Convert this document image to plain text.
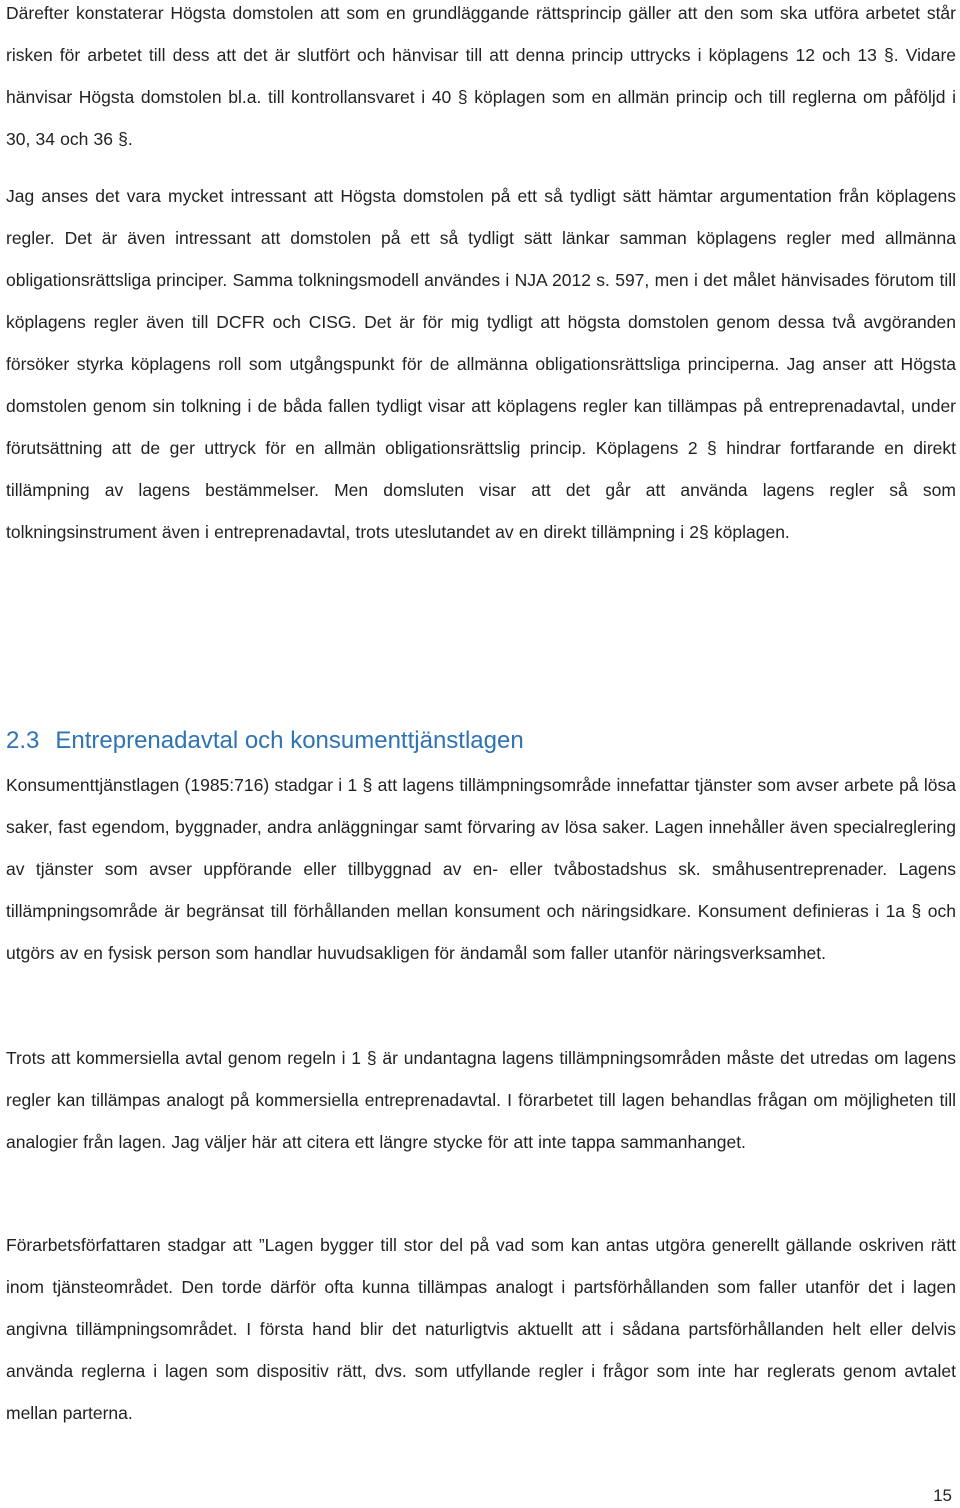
Därefter konstaterar Högsta domstolen att som en grundläggande rättsprincip gäller att den som ska utföra arbetet står risken för arbetet till dess att det är slutfört och hänvisar till att denna princip uttrycks i köplagens 12 och 13 §. Vidare hänvisar Högsta domstolen bl.a. till kontrollansvaret i 40 § köplagen som en allmän princip och till reglerna om påföljd i 30, 34 och 36 §.

Jag anses det vara mycket intressant att Högsta domstolen på ett så tydligt sätt hämtar argumentation från köplagens regler. Det är även intressant att domstolen på ett så tydligt sätt länkar samman köplagens regler med allmänna obligationsrättsliga principer. Samma tolkningsmodell användes i NJA 2012 s. 597, men i det målet hänvisades förutom till köplagens regler även till DCFR och CISG. Det är för mig tydligt att högsta domstolen genom dessa två avgöranden försöker styrka köplagens roll som utgångspunkt för de allmänna obligationsrättsliga principerna. Jag anser att Högsta domstolen genom sin tolkning i de båda fallen tydligt visar att köplagens regler kan tillämpas på entreprenadavtal, under förutsättning att de ger uttryck för en allmän obligationsrättslig princip. Köplagens 2 § hindrar fortfarande en direkt tillämpning av lagens bestämmelser. Men domsluten visar att det går att använda lagens regler så som tolkningsinstrument även i entreprenadavtal, trots uteslutandet av en direkt tillämpning i 2§ köplagen.

2.3 Entreprenadavtal och konsumenttjänstlagen

Konsumenttjänstlagen (1985:716) stadgar i 1 § att lagens tillämpningsområde innefattar tjänster som avser arbete på lösa saker, fast egendom, byggnader, andra anläggningar samt förvaring av lösa saker. Lagen innehåller även specialreglering av tjänster som avser uppförande eller tillbyggnad av en- eller tvåbostadshus sk. småhusentreprenader. Lagens tillämpningsområde är begränsat till förhållanden mellan konsument och näringsidkare. Konsument definieras i 1a § och utgörs av en fysisk person som handlar huvudsakligen för ändamål som faller utanför näringsverksamhet.

Trots att kommersiella avtal genom regeln i 1 § är undantagna lagens tillämpningsområden måste det utredas om lagens regler kan tillämpas analogt på kommersiella entreprenadavtal. I förarbetet till lagen behandlas frågan om möjligheten till analogier från lagen. Jag väljer här att citera ett längre stycke för att inte tappa sammanhanget.

Förarbetsförfattaren stadgar att ”Lagen bygger till stor del på vad som kan antas utgöra generellt gällande oskriven rätt inom tjänsteområdet. Den torde därför ofta kunna tillämpas analogt i partsförhållanden som faller utanför det i lagen angivna tillämpningsområdet. I första hand blir det naturligtvis aktuellt att i sådana partsförhållanden helt eller delvis använda reglerna i lagen som dispositiv rätt, dvs. som utfyllande regler i frågor som inte har reglerats genom avtalet mellan parterna.

15
